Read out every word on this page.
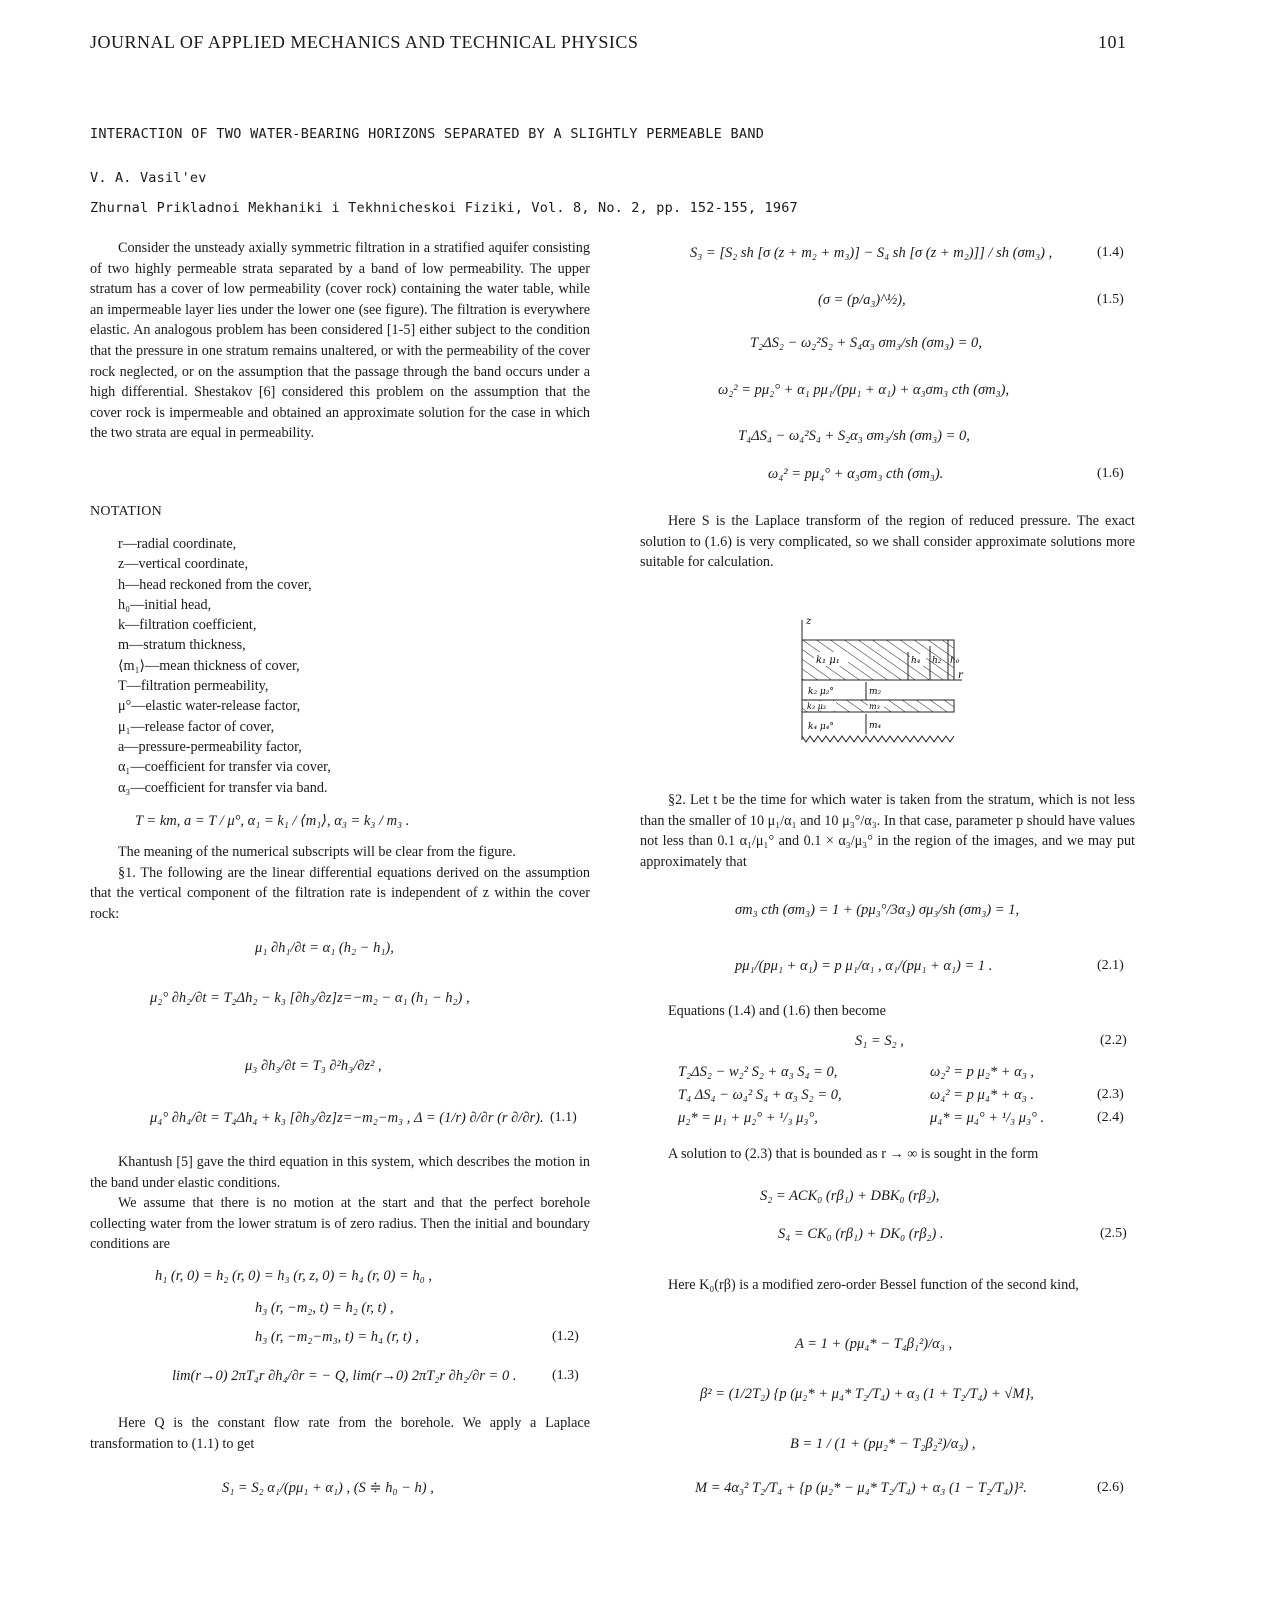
JOURNAL OF APPLIED MECHANICS AND TECHNICAL PHYSICS	101
INTERACTION OF TWO WATER-BEARING HORIZONS SEPARATED BY A SLIGHTLY PERMEABLE BAND
V. A. Vasil'ev
Zhurnal Prikladnoi Mekhaniki i Tekhnicheskoi Fiziki, Vol. 8, No. 2, pp. 152-155, 1967

Consider the unsteady axially symmetric filtration in a stratified aquifer consisting of two highly permeable strata separated by a band of low permeability. The upper stratum has a cover of low permeability (cover rock) containing the water table, while an impermeable layer lies under the lower one (see figure). The filtration is everywhere elastic. An analogous problem has been considered [1-5] either subject to the condition that the pressure in one stratum remains unaltered, or with the permeability of the cover rock neglected, or on the assumption that the passage through the band occurs under a high differential. Shestakov [6] considered this problem on the assumption that the cover rock is impermeable and obtained an approximate solution for the case in which the two strata are equal in permeability.

NOTATION
r—radial coordinate,
z—vertical coordinate,
h—head reckoned from the cover,
h₀—initial head,
k—filtration coefficient,
m—stratum thickness,
⟨m₁⟩—mean thickness of cover,
T—filtration permeability,
μ°—elastic water-release factor,
μ₁—release factor of cover,
a—pressure-permeability factor,
α₁—coefficient for transfer via cover,
α₃—coefficient for transfer via band.
T = km, a = T / μ°, α₁ = k₁ / ⟨m₁⟩, α₃ = k₃ / m₃ .

The meaning of the numerical subscripts will be clear from the figure.

§1. The following are the linear differential equations derived on the assumption that the vertical component of the filtration rate is independent of z within the cover rock:

μ₁ ∂h₁/∂t = α₁ (h₂ − h₁),
μ₂° ∂h₂/∂t = T₂Δh₂ − k₃ [∂h₃/∂z]z=−m₂ − α₁ (h₁ − h₂) ,
μ₃ ∂h₃/∂t = T₃ ∂²h₃/∂z² ,
μ₄° ∂h₄/∂t = T₄Δh₄ + k₃ [∂h₃/∂z]z=−m₂−m₃ , Δ = (1/r) ∂/∂r (r ∂/∂r). (1.1)

Khantush [5] gave the third equation in this system, which describes the motion in the band under elastic conditions.

We assume that there is no motion at the start and that the perfect borehole collecting water from the lower stratum is of zero radius. Then the initial and boundary conditions are

h₁ (r, 0) = h₂ (r, 0) = h₃ (r, z, 0) = h₄ (r, 0) = h₀ ,
h₃ (r, −m₂, t) = h₂ (r, t) ,
h₃ (r, −m₂−m₃, t) = h₄ (r, t) ,	(1.2)
lim(r→0) 2πT₄r ∂h₄/∂r = − Q, lim(r→0) 2πT₂r ∂h₂/∂r = 0 .	(1.3)

Here Q is the constant flow rate from the borehole. We apply a Laplace transformation to (1.1) to get

S₁ = S₂ α₁/(pμ₁ + α₁) , (S ≑ h₀ − h) ,
S₃ = [S₂ sh [σ (z + m₂ + m₃)] − S₄ sh [σ (z + m₂)]] / sh (σm₃) ,	(1.4)
(σ = (p/a₃)^½),	(1.5)
T₂ΔS₂ − ω₂²S₂ + S₄α₃ σm₃/sh (σm₃) = 0,
ω₂² = pμ₂° + α₁ pμ₁/(pμ₁ + α₁) + α₃σm₃ cth (σm₃),
T₄ΔS₄ − ω₄²S₄ + S₂α₃ σm₃/sh (σm₃) = 0,
ω₄² = pμ₄° + α₃σm₃ cth (σm₃).	(1.6)

Here S is the Laplace transform of the region of reduced pressure. The exact solution to (1.6) is very complicated, so we shall consider approximate solutions more suitable for calculation.

z
k₁ μ₁
r
h₄ h₂ h₀
k₂ μ₂°	m₂
k₃ μ₃	m₃
k₄ μ₄°	m₄

§2. Let t be the time for which water is taken from the stratum, which is not less than the smaller of 10 μ₁/α₁ and 10 μ₃°/α₃. In that case, parameter p should have values not less than 0.1 α₁/μ₁° and 0.1 × α₃/μ₃° in the region of the images, and we may put approximately that

σm₃ cth (σm₃) = 1 + (pμ₃°/3α₃) σμ₃/sh (σm₃) = 1,
pμ₁/(pμ₁ + α₁) = p μ₁/α₁ , α₁/(pμ₁ + α₁) = 1 .	(2.1)
Equations (1.4) and (1.6) then become
S₁ = S₂ ,	(2.2)
T₂ΔS₂ − w₂² S₂ + α₃ S₄ = 0,	ω₂² = p μ₂* + α₃ ,
T₄ ΔS₄ − ω₄² S₄ + α₃ S₂ = 0,	ω₄² = p μ₄* + α₃ .	(2.3)
μ₂* = μ₁ + μ₂° + ¹/₃ μ₃°,	μ₄* = μ₄° + ¹/₃ μ₃° .	(2.4)
A solution to (2.3) that is bounded as r → ∞ is sought in the form
S₂ = ACK₀ (rβ₁) + DBK₀ (rβ₂),
S₄ = CK₀ (rβ₁) + DK₀ (rβ₂) .	(2.5)

Here K₀(rβ) is a modified zero-order Bessel function of the second kind,

A = 1 + (pμ₄* − T₄β₁²)/α₃ ,
β² = (1/2T₂) {p (μ₂* + μ₄* T₂/T₄) + α₃ (1 + T₂/T₄) + √M},
B = 1 / (1 + (pμ₂* − T₂β₂²)/α₃) ,
M = 4α₃² T₂/T₄ + {p (μ₂* − μ₄* T₂/T₄) + α₃ (1 − T₂/T₄)}².	(2.6)
